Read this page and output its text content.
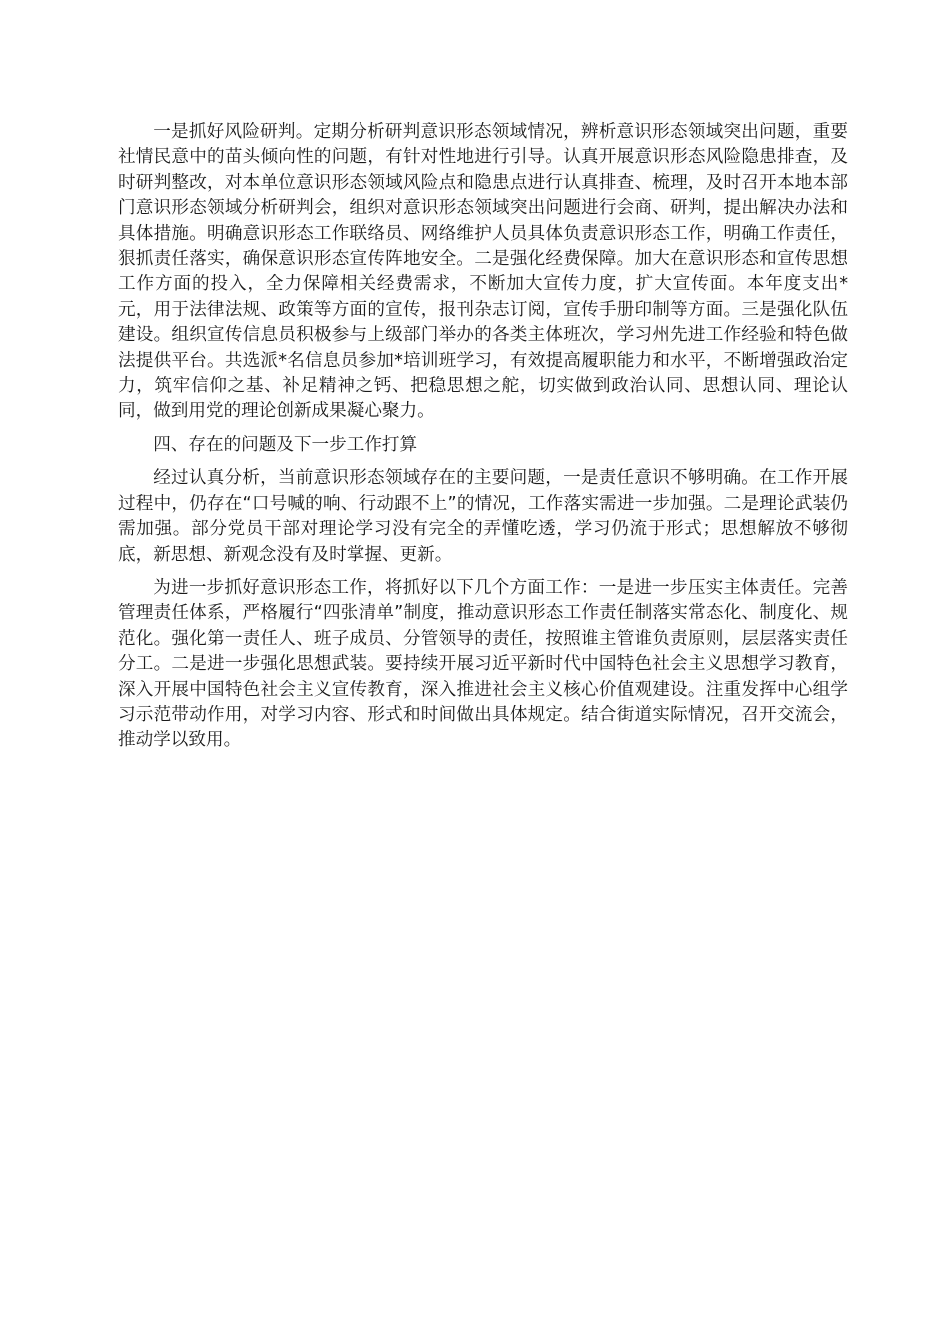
一是抓好风险研判。定期分析研判意识形态领域情况，辨析意识形态领域突出问题，重要社情民意中的苗头倾向性的问题，有针对性地进行引导。认真开展意识形态风险隐患排查，及时研判整改，对本单位意识形态领域风险点和隐患点进行认真排查、梳理，及时召开本地本部门意识形态领域分析研判会，组织对意识形态领域突出问题进行会商、研判，提出解决办法和具体措施。明确意识形态工作联络员、网络维护人员具体负责意识形态工作，明确工作责任，狠抓责任落实，确保意识形态宣传阵地安全。二是强化经费保障。加大在意识形态和宣传思想工作方面的投入，全力保障相关经费需求，不断加大宣传力度，扩大宣传面。本年度支出*元，用于法律法规、政策等方面的宣传，报刊杂志订阅，宣传手册印制等方面。三是强化队伍建设。组织宣传信息员积极参与上级部门举办的各类主体班次，学习州先进工作经验和特色做法提供平台。共选派*名信息员参加*培训班学习，有效提高履职能力和水平，不断增强政治定力，筑牢信仰之基、补足精神之钙、把稳思想之舵，切实做到政治认同、思想认同、理论认同，做到用党的理论创新成果凝心聚力。

四、存在的问题及下一步工作打算

经过认真分析，当前意识形态领域存在的主要问题，一是责任意识不够明确。在工作开展过程中，仍存在“口号喊的响、行动跟不上”的情况，工作落实需进一步加强。二是理论武装仍需加强。部分党员干部对理论学习没有完全的弄懂吃透，学习仍流于形式；思想解放不够彻底，新思想、新观念没有及时掌握、更新。

为进一步抓好意识形态工作，将抓好以下几个方面工作：一是进一步压实主体责任。完善管理责任体系，严格履行“四张清单”制度，推动意识形态工作责任制落实常态化、制度化、规范化。强化第一责任人、班子成员、分管领导的责任，按照谁主管谁负责原则，层层落实责任分工。二是进一步强化思想武装。要持续开展习近平新时代中国特色社会主义思想学习教育，深入开展中国特色社会主义宣传教育，深入推进社会主义核心价值观建设。注重发挥中心组学习示范带动作用，对学习内容、形式和时间做出具体规定。结合街道实际情况，召开交流会，推动学以致用。
